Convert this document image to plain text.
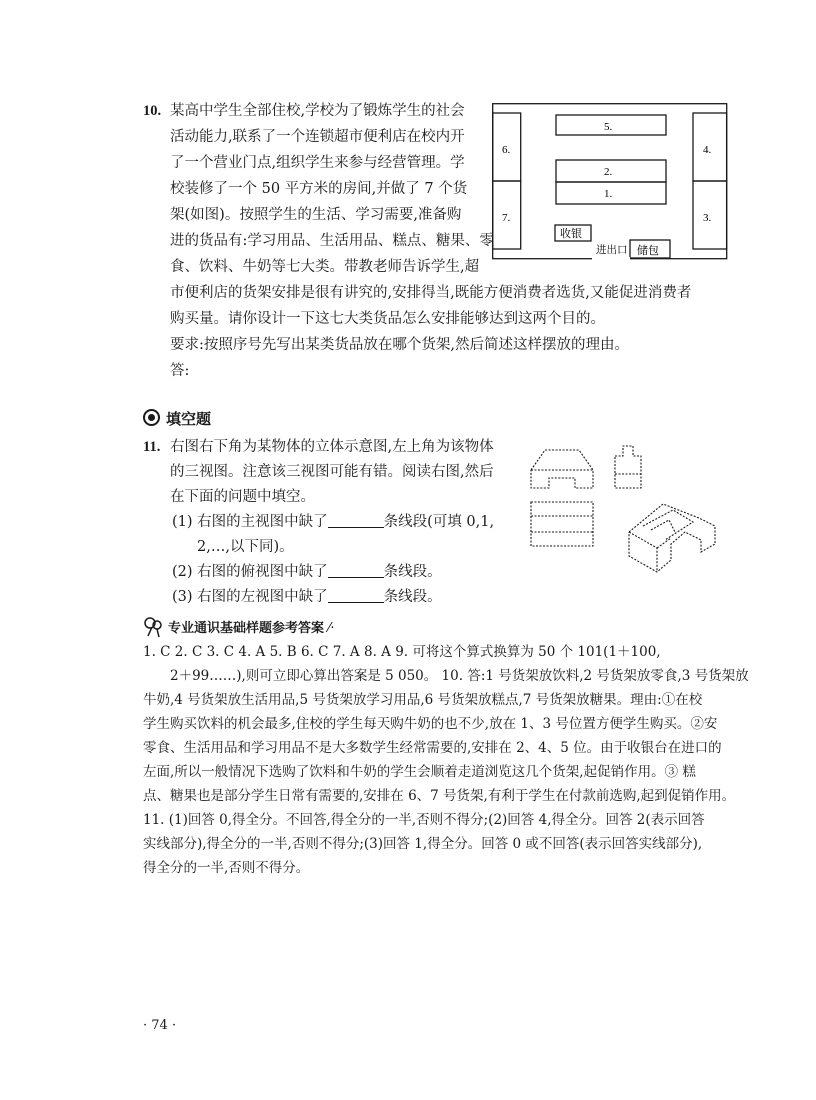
10. 某高中学生全部住校,学校为了锻炼学生的社会
活动能力,联系了一个连锁超市便利店在校内开
了一个营业门点,组织学生来参与经营管理。学
校装修了一个 50 平方米的房间,并做了 7 个货
架(如图)。按照学生的生活、学习需要,准备购
进的货品有:学习用品、生活用品、糕点、糖果、零
食、饮料、牛奶等七大类。带教老师告诉学生,超
市便利店的货架安排是很有讲究的,安排得当,既能方便消费者选货,又能促进消费者
购买量。请你设计一下这七大类货品怎么安排能够达到这两个目的。
要求:按照序号先写出某类货品放在哪个货架,然后简述这样摆放的理由。
答:
5.
6.	4.
2.
1.
7.	3.
收银
进出口 储包
填空题
11. 右图右下角为某物体的立体示意图,左上角为该物体
的三视图。注意该三视图可能有错。阅读右图,然后
在下面的问题中填空。
(1) 右图的主视图中缺了	条线段(可填 0,1,
2,…,以下同)。
(2) 右图的俯视图中缺了	条线段。
(3) 右图的左视图中缺了	条线段。
专业通识基础样题参考答案 ⁄·
1. C 2. C 3. C 4. A 5. B 6. C 7. A 8. A 9. 可将这个算式换算为 50 个 101(1＋100,
2＋99……),则可立即心算出答案是 5 050。 10. 答:1 号货架放饮料,2 号货架放零食,3 号货架放
牛奶,4 号货架放生活用品,5 号货架放学习用品,6 号货架放糕点,7 号货架放糖果。理由:①在校
学生购买饮料的机会最多,住校的学生每天购牛奶的也不少,放在 1、3 号位置方便学生购买。②安
零食、生活用品和学习用品不是大多数学生经常需要的,安排在 2、4、5 位。由于收银台在进口的
左面,所以一般情况下选购了饮料和牛奶的学生会顺着走道浏览这几个货架,起促销作用。③ 糕
点、糖果也是部分学生日常有需要的,安排在 6、7 号货架,有利于学生在付款前选购,起到促销作用。
11. (1)回答 0,得全分。不回答,得全分的一半,否则不得分;(2)回答 4,得全分。回答 2(表示回答
实线部分),得全分的一半,否则不得分;(3)回答 1,得全分。回答 0 或不回答(表示回答实线部分),
得全分的一半,否则不得分。
· 74 ·
